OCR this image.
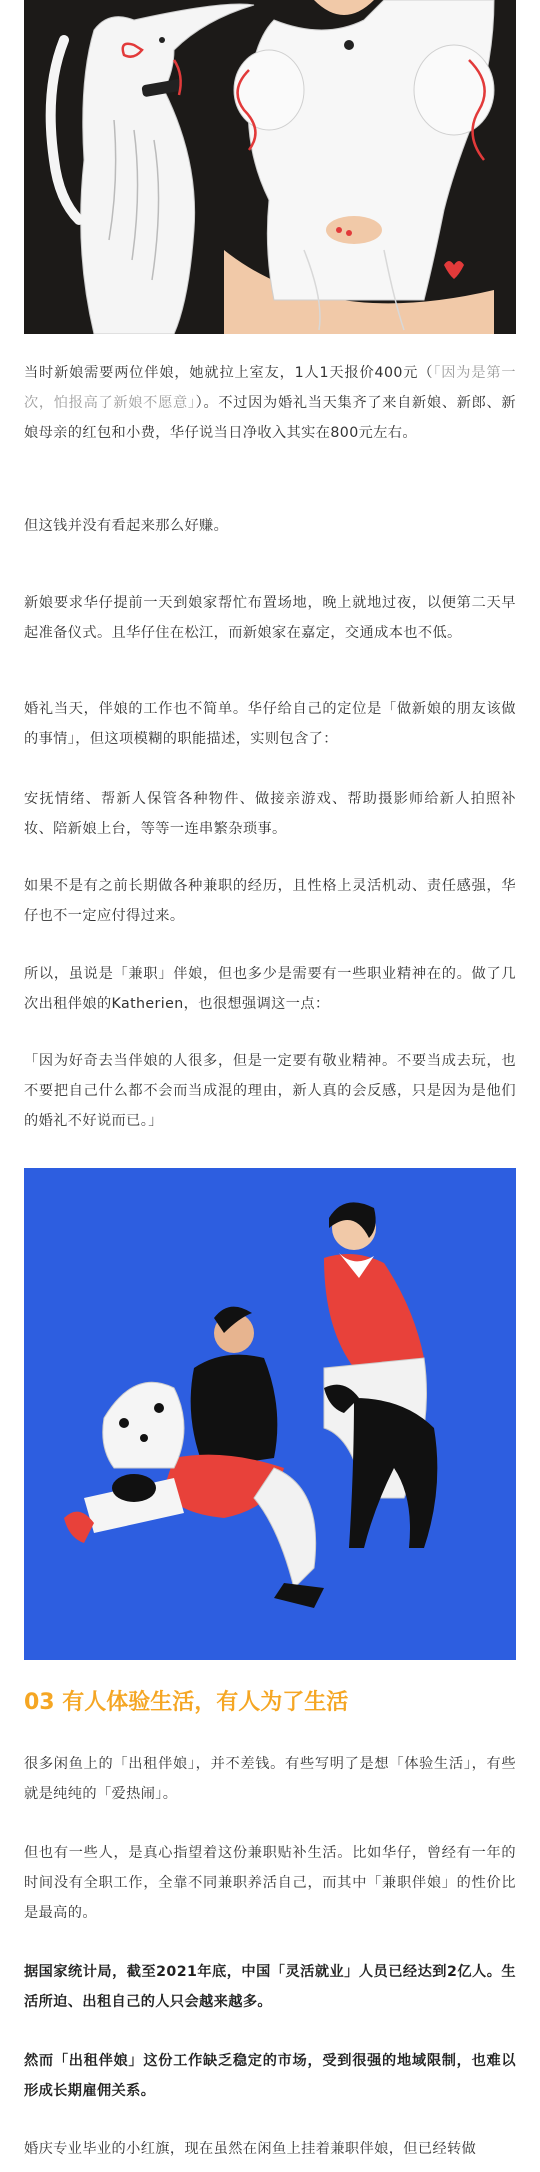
当时新娘需要两位伴娘，她就拉上室友，1人1天报价400元（「因为是第一次，怕报高了新娘不愿意」）。不过因为婚礼当天集齐了来自新娘、新郎、新娘母亲的红包和小费，华仔说当日净收入其实在800元左右。

但这钱并没有看起来那么好赚。

新娘要求华仔提前一天到娘家帮忙布置场地，晚上就地过夜，以便第二天早起准备仪式。且华仔住在松江，而新娘家在嘉定，交通成本也不低。

婚礼当天，伴娘的工作也不简单。华仔给自己的定位是「做新娘的朋友该做的事情」，但这项模糊的职能描述，实则包含了：

安抚情绪、帮新人保管各种物件、做接亲游戏、帮助摄影师给新人拍照补妆、陪新娘上台，等等一连串繁杂琐事。

如果不是有之前长期做各种兼职的经历，且性格上灵活机动、责任感强，华仔也不一定应付得过来。

所以，虽说是「兼职」伴娘，但也多少是需要有一些职业精神在的。做了几次出租伴娘的Katherien，也很想强调这一点：

「因为好奇去当伴娘的人很多，但是一定要有敬业精神。不要当成去玩，也不要把自己什么都不会而当成混的理由，新人真的会反感，只是因为是他们的婚礼不好说而已。」

03 有人体验生活，有人为了生活

很多闲鱼上的「出租伴娘」，并不差钱。有些写明了是想「体验生活」，有些就是纯纯的「爱热闹」。

但也有一些人，是真心指望着这份兼职贴补生活。比如华仔，曾经有一年的时间没有全职工作，全靠不同兼职养活自己，而其中「兼职伴娘」的性价比是最高的。

据国家统计局，截至2021年底，中国「灵活就业」人员已经达到2亿人。生活所迫、出租自己的人只会越来越多。

然而「出租伴娘」这份工作缺乏稳定的市场，受到很强的地域限制，也难以形成长期雇佣关系。

婚庆专业毕业的小红旗，现在虽然在闲鱼上挂着兼职伴娘，但已经转做
